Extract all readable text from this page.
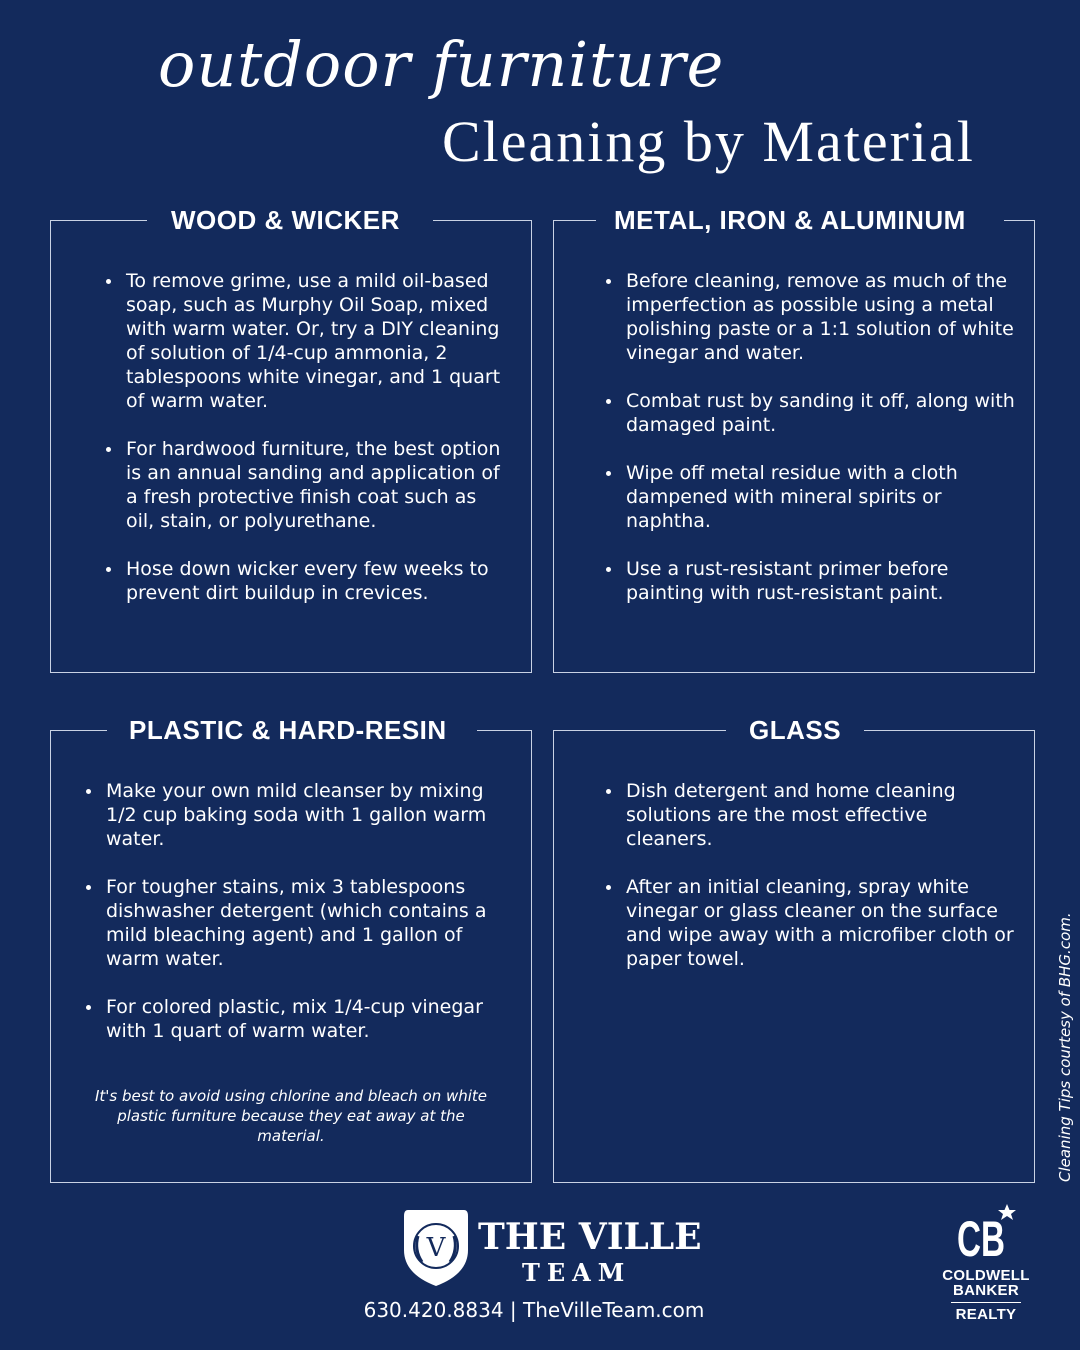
outdoor furniture
Cleaning by Material
WOOD & WICKER
To remove grime, use a mild oil-based soap, such as Murphy Oil Soap, mixed with warm water. Or, try a DIY cleaning of solution of 1/4-cup ammonia, 2 tablespoons white vinegar, and 1 quart of warm water.
For hardwood furniture, the best option is an annual sanding and application of a fresh protective finish coat such as oil, stain, or polyurethane.
Hose down wicker every few weeks to prevent dirt buildup in crevices.
METAL, IRON & ALUMINUM
Before cleaning, remove as much of the imperfection as possible using a metal polishing paste or a 1:1 solution of white vinegar and water.
Combat rust by sanding it off, along with damaged paint.
Wipe off metal residue with a cloth dampened with mineral spirits or naphtha.
Use a rust-resistant primer before painting with rust-resistant paint.
PLASTIC & HARD-RESIN
Make your own mild cleanser by mixing 1/2 cup baking soda with 1 gallon warm water.
For tougher stains, mix 3 tablespoons dishwasher detergent (which contains a mild bleaching agent) and 1 gallon of warm water.
For colored plastic, mix 1/4-cup vinegar with 1 quart of warm water.
It's best to avoid using chlorine and bleach on white plastic furniture because they eat away at the material.
GLASS
Dish detergent and home cleaning solutions are the most effective cleaners.
After an initial cleaning, spray white vinegar or glass cleaner on the surface and wipe away with a microfiber cloth or paper towel.	Cleaning Tips courtesy of BHG.com.
V THE VILLE
TEAM
630.420.8834 | TheVilleTeam.com
CB
COLDWELL
BANKER
REALTY
